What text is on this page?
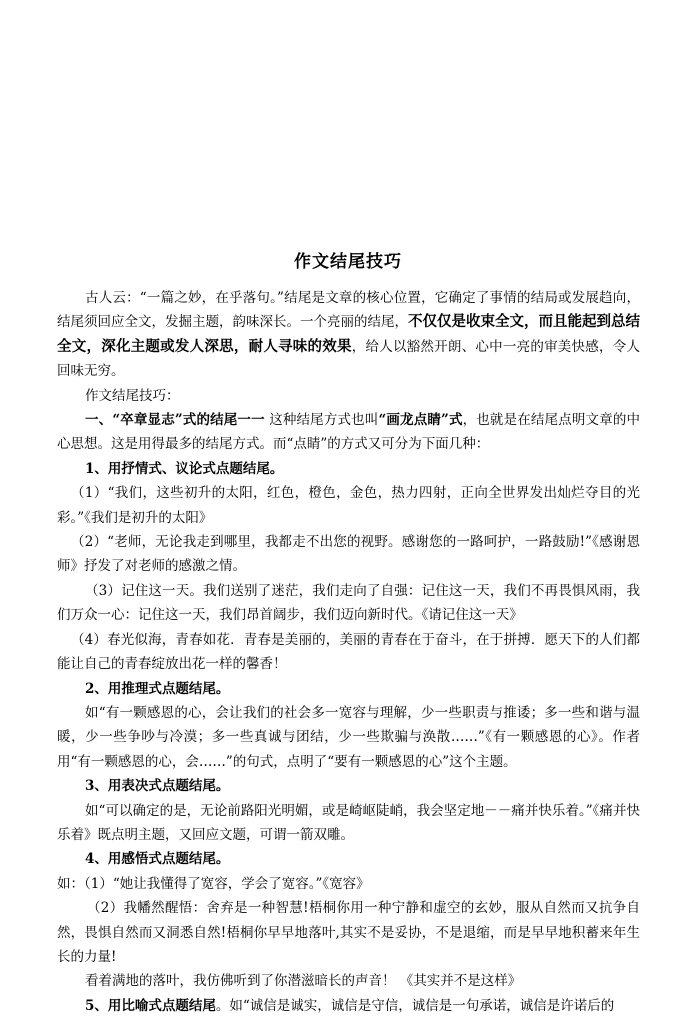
作文结尾技巧

古人云：“一篇之妙，在乎落句。”结尾是文章的核心位置，它确定了事情的结局或发展趋向，结尾须回应全文，发掘主题，韵味深长。一个亮丽的结尾，不仅仅是收束全文，而且能起到总结全文，深化主题或发人深思，耐人寻味的效果，给人以豁然开朗、心中一亮的审美快感，令人回味无穷。

作文结尾技巧：

一、“卒章显志”式的结尾一一 这种结尾方式也叫“画龙点睛”式，也就是在结尾点明文章的中心思想。这是用得最多的结尾方式。而“点睛”的方式又可分为下面几种：

1、用抒情式、议论式点题结尾。

（1）“我们，这些初升的太阳，红色，橙色，金色，热力四射，正向全世界发出灿烂夺目的光彩。”《我们是初升的太阳》

（2）“老师，无论我走到哪里，我都走不出您的视野。感谢您的一路呵护，一路鼓励!”《感谢恩师》抒发了对老师的感激之情。

（3）记住这一天。我们送别了迷茫，我们走向了自强：记住这一天，我们不再畏惧风雨，我们万众一心：记住这一天，我们昂首阔步，我们迈向新时代。《请记住这一天》

（4）春光似海，青春如花．青春是美丽的，美丽的青春在于奋斗，在于拼搏．愿天下的人们都能让自己的青春绽放出花一样的馨香！

2、用推理式点题结尾。

如“有一颗感恩的心，会让我们的社会多一宽容与理解，少一些职责与推诿；多一些和谐与温暖，少一些争吵与冷漠；多一些真诚与团结，少一些欺骗与涣散……”《有一颗感恩的心》。作者用“有一颗感恩的心，会……”的句式，点明了“要有一颗感恩的心”这个主题。

3、用表决式点题结尾。

如“可以确定的是，无论前路阳光明媚，或是崎岖陡峭，我会坚定地－－痛并快乐着。”《痛并快乐着》既点明主题，又回应文题，可谓一箭双雕。

4、用感悟式点题结尾。

如：（1）“她让我懂得了宽容，学会了宽容。”《宽容》

（2）我幡然醒悟：舍弃是一种智慧!梧桐你用一种宁静和虚空的玄妙，服从自然而又抗争自然，畏惧自然而又洞悉自然!梧桐你早早地落叶,其实不是妥协，不是退缩，而是早早地积蓄来年生长的力量!

看着满地的落叶，我仿佛听到了你潜滋暗长的声音！ 《其实并不是这样》

5、用比喻式点题结尾。如“诚信是诚实，诚信是守信，诚信是一句承诺，诚信是许诺后的
